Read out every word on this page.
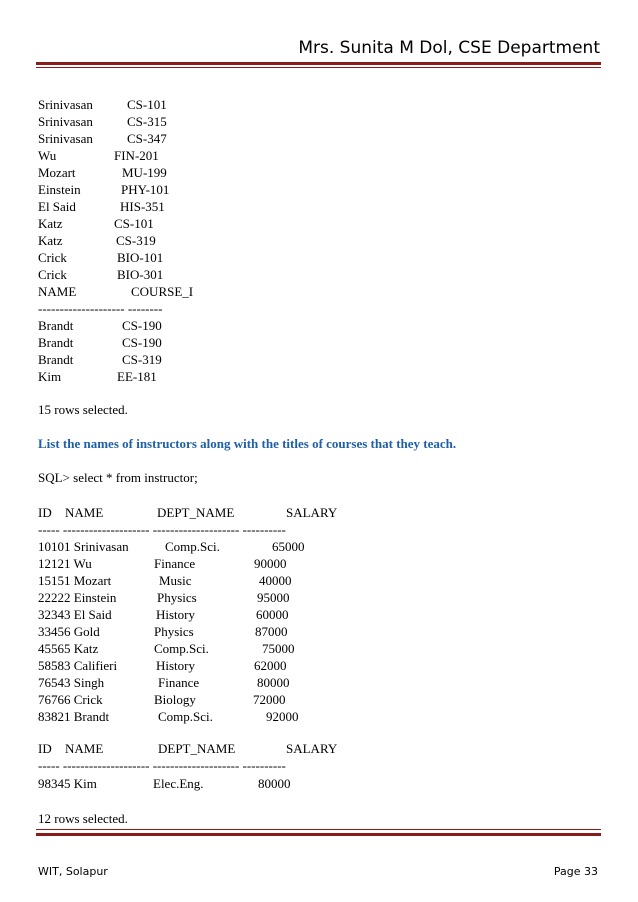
Mrs. Sunita M Dol, CSE Department
Srinivasan	CS-101
Srinivasan	CS-315
Srinivasan	CS-347
Wu	FIN-201
Mozart	MU-199
Einstein	PHY-101
El Said	HIS-351
Katz	CS-101
Katz	CS-319
Crick	BIO-101
Crick	BIO-301
NAME	COURSE_I
-------------------- --------
Brandt	CS-190
Brandt	CS-190
Brandt	CS-319
Kim	EE-181
15 rows selected.
List the names of instructors along with the titles of courses that they teach.
SQL> select * from instructor;
ID NAME	DEPT_NAME	SALARY
----- -------------------- -------------------- ----------
10101 Srinivasan	Comp.Sci.	65000
12121 Wu	Finance	90000
15151 Mozart	Music	40000
22222 Einstein	Physics	95000
32343 El Said	History	60000
33456 Gold	Physics	87000
45565 Katz	Comp.Sci.	75000
58583 Califieri	History	62000
76543 Singh	Finance	80000
76766 Crick	Biology	72000
83821 Brandt	Comp.Sci.	92000
ID NAME	DEPT_NAME	SALARY
----- -------------------- -------------------- ----------
98345 Kim	Elec.Eng.	80000
12 rows selected.
WIT, Solapur	Page 33
